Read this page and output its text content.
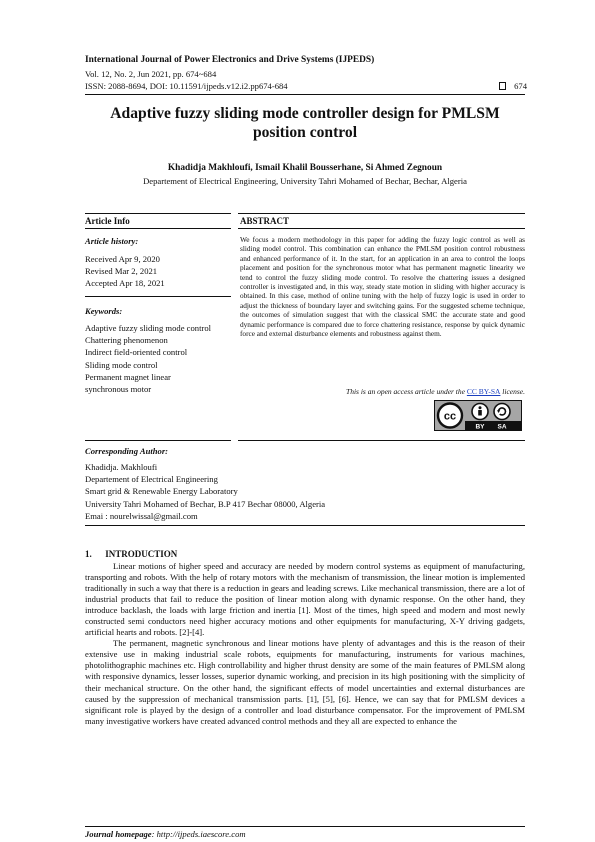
International Journal of Power Electronics and Drive Systems (IJPEDS)
Vol. 12, No. 2, Jun 2021, pp. 674~684
ISSN: 2088-8694, DOI: 10.11591/ijpeds.v12.i2.pp674-684	674
Adaptive fuzzy sliding mode controller design for PMLSM position control
Khadidja Makhloufi, Ismail Khalil Bousserhane, Si Ahmed Zegnoun
Departement of Electrical Engineering, University Tahri Mohamed of Bechar, Bechar, Algeria
Article Info	ABSTRACT
Article history:
Received Apr 9, 2020
Revised Mar 2, 2021
Accepted Apr 18, 2021
Keywords:
Adaptive fuzzy sliding mode control
Chattering phenomenon
Indirect field-oriented control
Sliding mode control
Permanent magnet linear synchronous motor
We focus a modern methodology in this paper for adding the fuzzy logic control as well as sliding model control. This combination can enhance the PMLSM position control robustness and enhanced performance of it. In the start, for an application in an area to control the loops placement and position for the synchronous motor what has permanent magnetic linearity we tend to control the fuzzy sliding mode control. To resolve the chattering issues a designed controller is investigated and, in this way, steady state motion in sliding with higher accuracy is obtained. In this case, method of online tuning with the help of fuzzy logic is used in order to adjust the thickness of boundary layer and switching gains. For the suggested scheme technique, the outcomes of simulation suggest that with the classical SMC the accurate state and good dynamic performance is compared due to force chattering resistance, response by quick dynamic force and external disturbance elements and robustness against them.
This is an open access article under the CC BY-SA license.
cc
BY SA
Corresponding Author:
Khadidja. Makhloufi
Departement of Electrical Engineering
Smart grid & Renewable Energy Laboratory
University Tahri Mohamed of Bechar, B.P 417 Bechar 08000, Algeria
Emai : nourelwissal@gmail.com
1.      INTRODUCTION

Linear motions of higher speed and accuracy are needed by modern control systems as equipment of manufacturing, transporting and robots. With the help of rotary motors with the mechanism of transmission, the linear motion is implemented traditionally in such a way that there is a reduction in gears and leading screws. Like mechanical transmission, there are a lot of industrial products that fail to reduce the position of linear motion along with dynamic response. On the other hand, they introduce backlash, the loads with large friction and inertia [1]. Most of the times, high speed and modern and most newly constructed semi conductors need higher accuracy motions and other equipments for manufacturing, X-Y driving gadgets, artificial hearts and robots. [2]-[4].

The permanent, magnetic synchronous and linear motions have plenty of advantages and this is the reason of their extensive use in making industrial scale robots, equipments for manufacturing, instruments for various machines, photolithographic machines etc. High controllability and higher thrust density are some of the main features of PMLSM along with responsive dynamics, lesser losses, superior dynamic working, and precision in its high positioning with the simplicity of their mechanical structure. On the other hand, the significant effects of model uncertainties and external disturbances are caused by the suppression of mechanical transmission parts. [1], [5], [6]. Hence, we can say that for PMLSM devices a significant role is played by the design of a controller and load disturbance compensator. For the improvement of PMLSM many investigative workers have created advanced control methods and they all are expected to enhance the

Journal homepage: http://ijpeds.iaescore.com
